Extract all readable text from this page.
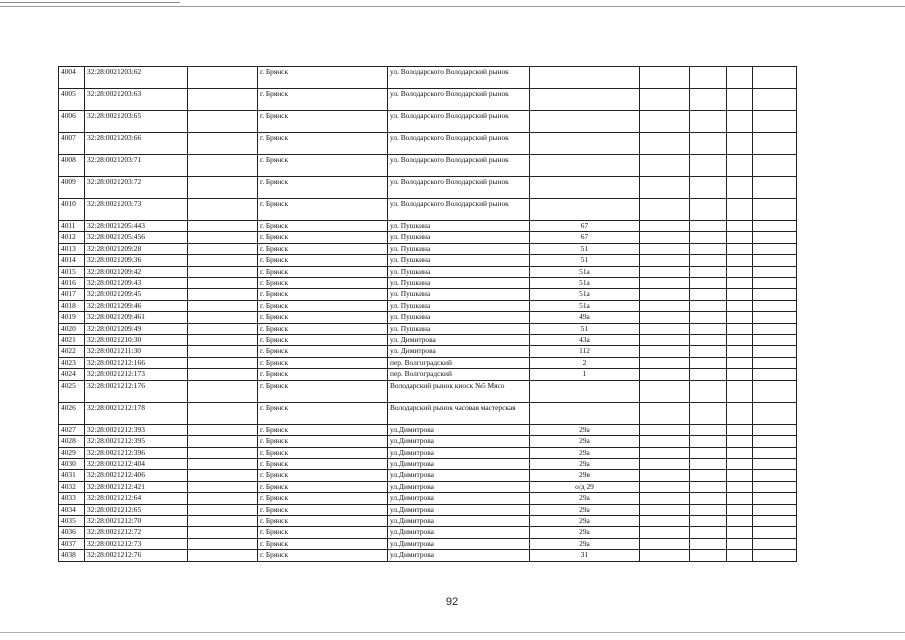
4004	32:28:0021203:62		г. Брянск	ул. Володарского Володарский рынок					
4005	32:28:0021203:63		г. Брянск	ул. Володарского Володарский рынок					
4006	32:28:0021203:65		г. Брянск	ул. Володарского Володарский рынок					
4007	32:28:0021203:66		г. Брянск	ул. Володарского Володарский рынок					
4008	32:28:0021203:71		г. Брянск	ул. Володарского Володарский рынок					
4009	32:28:0021203:72		г. Брянск	ул. Володарского Володарский рынок					
4010	32:28:0021203:73		г. Брянск	ул. Володарского Володарский рынок					
4011	32:28:0021205:443		г. Брянск	ул. Пушкина	67				
4012	32:28:0021205:456		г. Брянск	ул. Пушкина	67				
4013	32:28:0021209:28		г. Брянск	ул. Пушкина	51				
4014	32:28:0021209:36		г. Брянск	ул. Пушкина	51				
4015	32:28:0021209:42		г. Брянск	ул. Пушкина	51а				
4016	32:28:0021209:43		г. Брянск	ул. Пушкина	51а				
4017	32:28:0021209:45		г. Брянск	ул. Пушкина	51а				
4018	32:28:0021209:46		г. Брянск	ул. Пушкина	51а				
4019	32:28:0021209:461		г. Брянск	ул. Пушкина	49а				
4020	32:28:0021209:49		г. Брянск	ул. Пушкина	51				
4021	32:28:0021210:30		г. Брянск	ул. Димитрова	43а				
4022	32:28:0021211:30		г. Брянск	ул. Димитрова	112				
4023	32:28:0021212:166		г. Брянск	пер. Волгоградский	2				
4024	32:28:0021212:173		г. Брянск	пер. Волгоградский	1				
4025	32:28:0021212:176		г. Брянск	Володарский рынок киоск №5 Мясо					
4026	32:28:0021212:178		г. Брянск	Володарский рынок часовая мастерская					
4027	32:28:0021212:393		г. Брянск	ул.Димитрова	29а				
4028	32:28:0021212:395		г. Брянск	ул.Димитрова	29а				
4029	32:28:0021212:396		г. Брянск	ул.Димитрова	29а				
4030	32:28:0021212:404		г. Брянск	ул.Димитрова	29а				
4031	32:28:0021212:406		г. Брянск	ул.Димитрова	29в				
4032	32:28:0021212:421		г. Брянск	ул.Димитрова	о/д 29				
4033	32:28:0021212:64		г. Брянск	ул.Димитрова	29а				
4034	32:28:0021212:65		г. Брянск	ул.Димитрова	29а				
4035	32:28:0021212:70		г. Брянск	ул.Димитрова	29а				
4036	32:28:0021212:72		г. Брянск	ул.Димитрова	29а				
4037	32:28:0021212:73		г. Брянск	ул.Димитрова	29а				
4038	32:28:0021212:76		г. Брянск	ул.Димитрова	31				
92
